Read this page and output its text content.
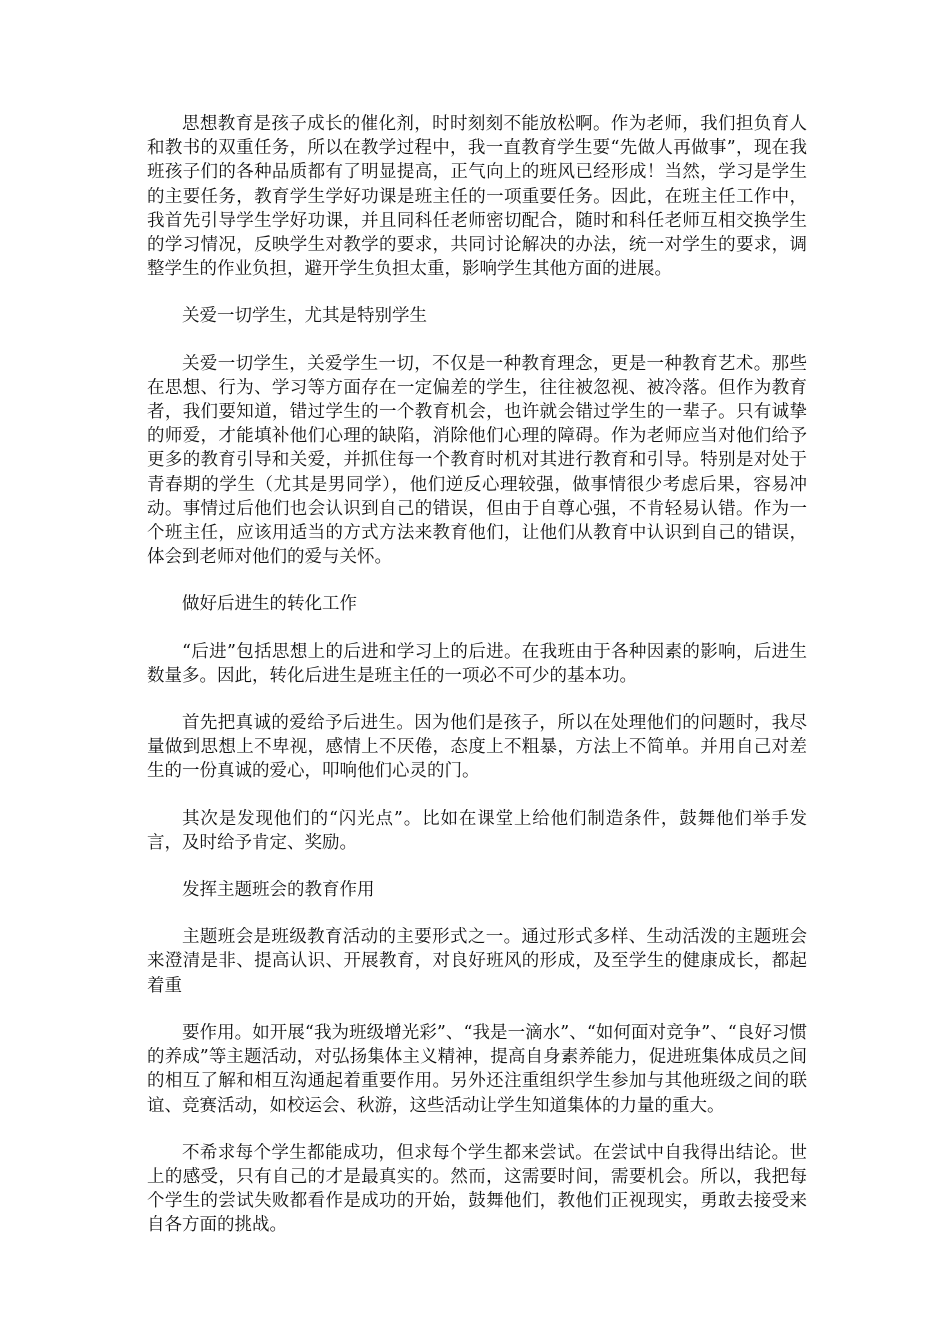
思想教育是孩子成长的催化剂，时时刻刻不能放松啊。作为老师，我们担负育人和教书的双重任务，所以在教学过程中，我一直教育学生要“先做人再做事”，现在我班孩子们的各种品质都有了明显提高，正气向上的班风已经形成！当然，学习是学生的主要任务，教育学生学好功课是班主任的一项重要任务。因此，在班主任工作中，我首先引导学生学好功课，并且同科任老师密切配合，随时和科任老师互相交换学生的学习情况，反映学生对教学的要求，共同讨论解决的办法，统一对学生的要求，调整学生的作业负担，避开学生负担太重，影响学生其他方面的进展。

关爱一切学生，尤其是特别学生

关爱一切学生，关爱学生一切，不仅是一种教育理念，更是一种教育艺术。那些在思想、行为、学习等方面存在一定偏差的学生，往往被忽视、被冷落。但作为教育者，我们要知道，错过学生的一个教育机会，也许就会错过学生的一辈子。只有诚挚的师爱，才能填补他们心理的缺陷，消除他们心理的障碍。作为老师应当对他们给予更多的教育引导和关爱，并抓住每一个教育时机对其进行教育和引导。特别是对处于青春期的学生（尤其是男同学），他们逆反心理较强，做事情很少考虑后果，容易冲动。事情过后他们也会认识到自己的错误，但由于自尊心强，不肯轻易认错。作为一个班主任，应该用适当的方式方法来教育他们，让他们从教育中认识到自己的错误，体会到老师对他们的爱与关怀。

做好后进生的转化工作

“后进”包括思想上的后进和学习上的后进。在我班由于各种因素的影响，后进生数量多。因此，转化后进生是班主任的一项必不可少的基本功。

首先把真诚的爱给予后进生。因为他们是孩子，所以在处理他们的问题时，我尽量做到思想上不卑视，感情上不厌倦，态度上不粗暴，方法上不简单。并用自己对差生的一份真诚的爱心，叩响他们心灵的门。

其次是发现他们的“闪光点”。比如在课堂上给他们制造条件，鼓舞他们举手发言，及时给予肯定、奖励。

发挥主题班会的教育作用

主题班会是班级教育活动的主要形式之一。通过形式多样、生动活泼的主题班会来澄清是非、提高认识、开展教育，对良好班风的形成，及至学生的健康成长，都起着重

要作用。如开展“我为班级增光彩”、“我是一滴水”、“如何面对竞争”、“良好习惯的养成”等主题活动，对弘扬集体主义精神，提高自身素养能力，促进班集体成员之间的相互了解和相互沟通起着重要作用。另外还注重组织学生参加与其他班级之间的联谊、竞赛活动，如校运会、秋游，这些活动让学生知道集体的力量的重大。

不希求每个学生都能成功，但求每个学生都来尝试。在尝试中自我得出结论。世上的感受，只有自己的才是最真实的。然而，这需要时间，需要机会。所以，我把每个学生的尝试失败都看作是成功的开始，鼓舞他们，教他们正视现实，勇敢去接受来自各方面的挑战。
